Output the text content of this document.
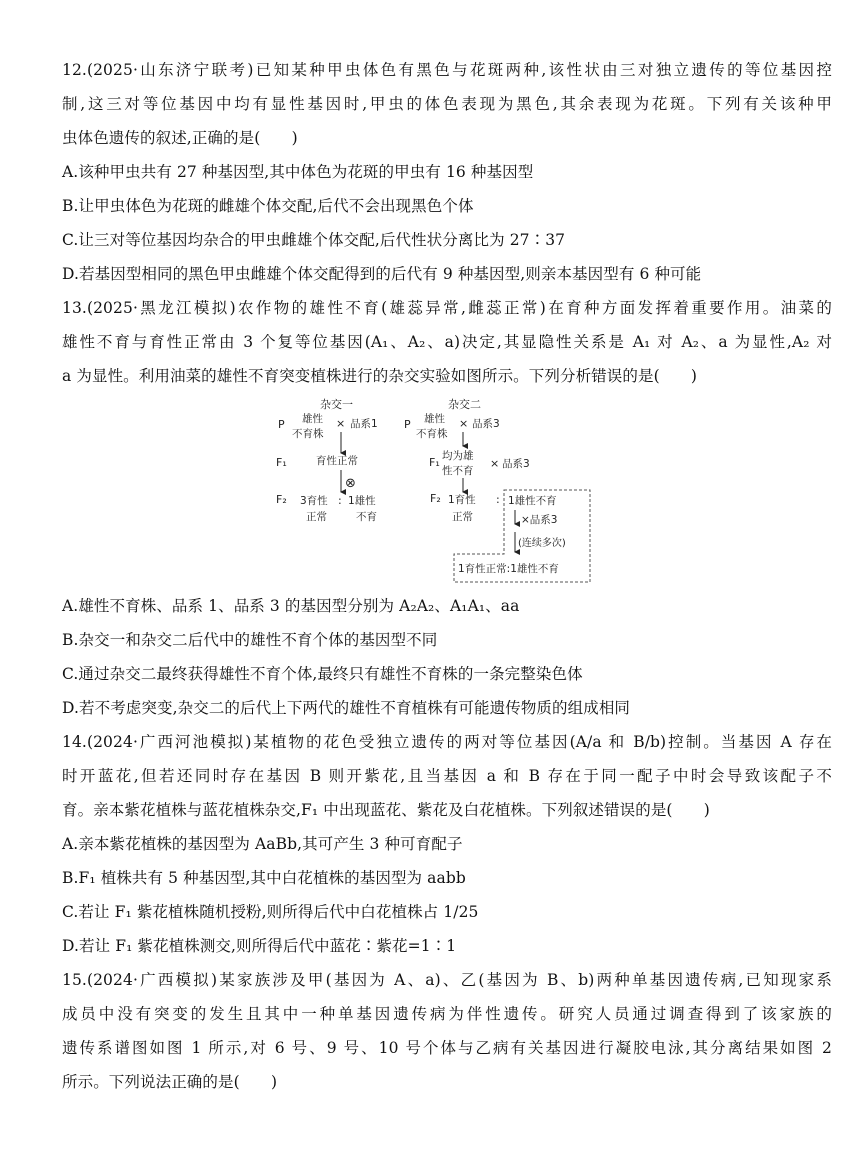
12.(2025·山东济宁联考)已知某种甲虫体色有黑色与花斑两种,该性状由三对独立遗传的等位基因控
制,这三对等位基因中均有显性基因时,甲虫的体色表现为黑色,其余表现为花斑。下列有关该种甲
虫体色遗传的叙述,正确的是(　　)
A.该种甲虫共有 27 种基因型,其中体色为花斑的甲虫有 16 种基因型
B.让甲虫体色为花斑的雌雄个体交配,后代不会出现黑色个体
C.让三对等位基因均杂合的甲虫雌雄个体交配,后代性状分离比为 27∶37
D.若基因型相同的黑色甲虫雌雄个体交配得到的后代有 9 种基因型,则亲本基因型有 6 种可能
13.(2025·黑龙江模拟)农作物的雄性不育(雄蕊异常,雌蕊正常)在育种方面发挥着重要作用。油菜的
雄性不育与育性正常由 3 个复等位基因(A₁、A₂、a)决定,其显隐性关系是 A₁ 对 A₂、a 为显性,A₂ 对
a 为显性。利用油菜的雄性不育突变植株进行的杂交实验如图所示。下列分析错误的是(　　)
杂交一
P 雄性
不育株
× 品系1
F₁	育性正常
⊗
F₂ 3育性
正常
: 1雄性
不育
杂交二
P 雄性
不育株
× 品系3
F₁ 均为雄
性不育
× 品系3
F₂ 1育性
正常
: 1雄性不育
×品系3
(连续多次)
1育性正常:1雄性不育
A.雄性不育株、品系 1、品系 3 的基因型分别为 A₂A₂、A₁A₁、aa
B.杂交一和杂交二后代中的雄性不育个体的基因型不同
C.通过杂交二最终获得雄性不育个体,最终只有雄性不育株的一条完整染色体
D.若不考虑突变,杂交二的后代上下两代的雄性不育植株有可能遗传物质的组成相同
14.(2024·广西河池模拟)某植物的花色受独立遗传的两对等位基因(A/a 和 B/b)控制。当基因 A 存在
时开蓝花,但若还同时存在基因 B 则开紫花,且当基因 a 和 B 存在于同一配子中时会导致该配子不
育。亲本紫花植株与蓝花植株杂交,F₁ 中出现蓝花、紫花及白花植株。下列叙述错误的是(　　)
A.亲本紫花植株的基因型为 AaBb,其可产生 3 种可育配子
B.F₁ 植株共有 5 种基因型,其中白花植株的基因型为 aabb
C.若让 F₁ 紫花植株随机授粉,则所得后代中白花植株占 1/25
D.若让 F₁ 紫花植株测交,则所得后代中蓝花∶紫花=1∶1
15.(2024·广西模拟)某家族涉及甲(基因为 A、a)、乙(基因为 B、b)两种单基因遗传病,已知现家系
成员中没有突变的发生且其中一种单基因遗传病为伴性遗传。研究人员通过调查得到了该家族的
遗传系谱图如图 1 所示,对 6 号、9 号、10 号个体与乙病有关基因进行凝胶电泳,其分离结果如图 2
所示。下列说法正确的是(　　)
